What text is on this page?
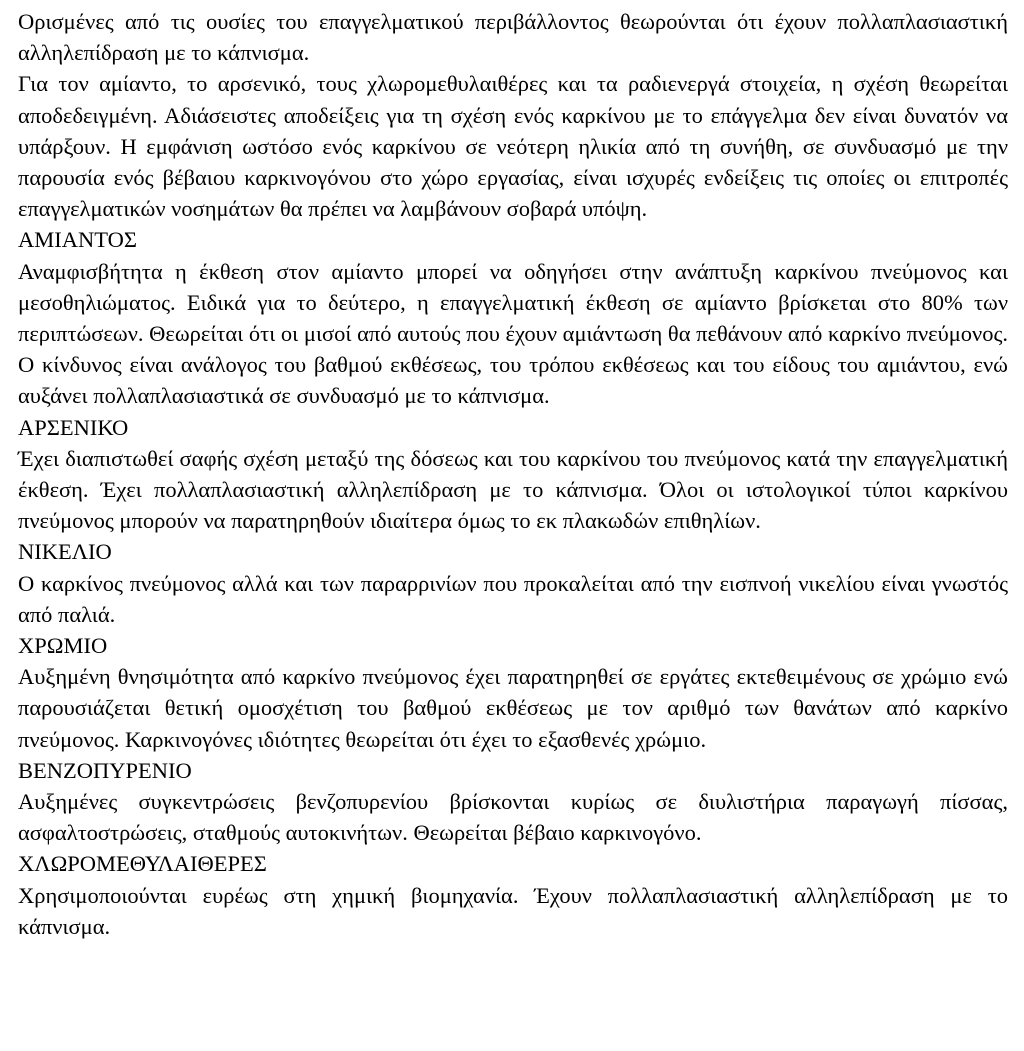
Ορισμένες από τις ουσίες του επαγγελματικού περιβάλλοντος θεωρούνται ότι έχουν πολλαπλασιαστική αλληλεπίδραση με το κάπνισμα.

Για τον αμίαντο, το αρσενικό, τους χλωρομεθυλαιθέρες και τα ραδιενεργά στοιχεία, η σχέση θεωρείται αποδεδειγμένη. Αδιάσειστες αποδείξεις για τη σχέση ενός καρκίνου με το επάγγελμα δεν είναι δυνατόν να υπάρξουν. Η εμφάνιση ωστόσο ενός καρκίνου σε νεότερη ηλικία από τη συνήθη, σε συνδυασμό με την παρουσία ενός βέβαιου καρκινογόνου στο χώρο εργασίας, είναι ισχυρές ενδείξεις τις οποίες οι επιτροπές επαγγελματικών νοσημάτων θα πρέπει να λαμβάνουν σοβαρά υπόψη.

ΑΜΙΑΝΤΟΣ

Αναμφισβήτητα η έκθεση στον αμίαντο μπορεί να οδηγήσει στην ανάπτυξη καρκίνου πνεύμονος και μεσοθηλιώματος. Ειδικά για το δεύτερο, η επαγγελματική έκθεση σε αμίαντο βρίσκεται στο 80% των περιπτώσεων. Θεωρείται ότι οι μισοί από αυτούς που έχουν αμιάντωση θα πεθάνουν από καρκίνο πνεύμονος. Ο κίνδυνος είναι ανάλογος του βαθμού εκθέσεως, του τρόπου εκθέσεως και του είδους του αμιάντου, ενώ αυξάνει πολλαπλασιαστικά σε συνδυασμό με το κάπνισμα.

ΑΡΣΕΝΙΚΟ

Έχει διαπιστωθεί σαφής σχέση μεταξύ της δόσεως και του καρκίνου του πνεύμονος κατά την επαγγελματική έκθεση. Έχει πολλαπλασιαστική αλληλεπίδραση με το κάπνισμα. Όλοι οι ιστολογικοί τύποι καρκίνου πνεύμονος μπορούν να παρατηρηθούν ιδιαίτερα όμως το εκ πλακωδών επιθηλίων.

ΝΙΚΕΛΙΟ

Ο καρκίνος πνεύμονος αλλά και των παραρρινίων που προκαλείται από την εισπνοή νικελίου είναι γνωστός από παλιά.

ΧΡΩΜΙΟ

Αυξημένη θνησιμότητα από καρκίνο πνεύμονος έχει παρατηρηθεί σε εργάτες εκτεθειμένους σε χρώμιο ενώ παρουσιάζεται θετική ομοσχέτιση του βαθμού εκθέσεως με τον αριθμό των θανάτων από καρκίνο πνεύμονος. Καρκινογόνες ιδιότητες θεωρείται ότι έχει το εξασθενές χρώμιο.

ΒΕΝΖΟΠΥΡΕΝΙΟ

Αυξημένες συγκεντρώσεις βενζοπυρενίου βρίσκονται κυρίως σε διυλιστήρια παραγωγή πίσσας, ασφαλτοστρώσεις, σταθμούς αυτοκινήτων. Θεωρείται βέβαιο καρκινογόνο.

ΧΛΩΡΟΜΕΘΥΛΑΙΘΕΡΕΣ

Χρησιμοποιούνται ευρέως στη χημική βιομηχανία. Έχουν πολλαπλασιαστική αλληλεπίδραση με το κάπνισμα.
